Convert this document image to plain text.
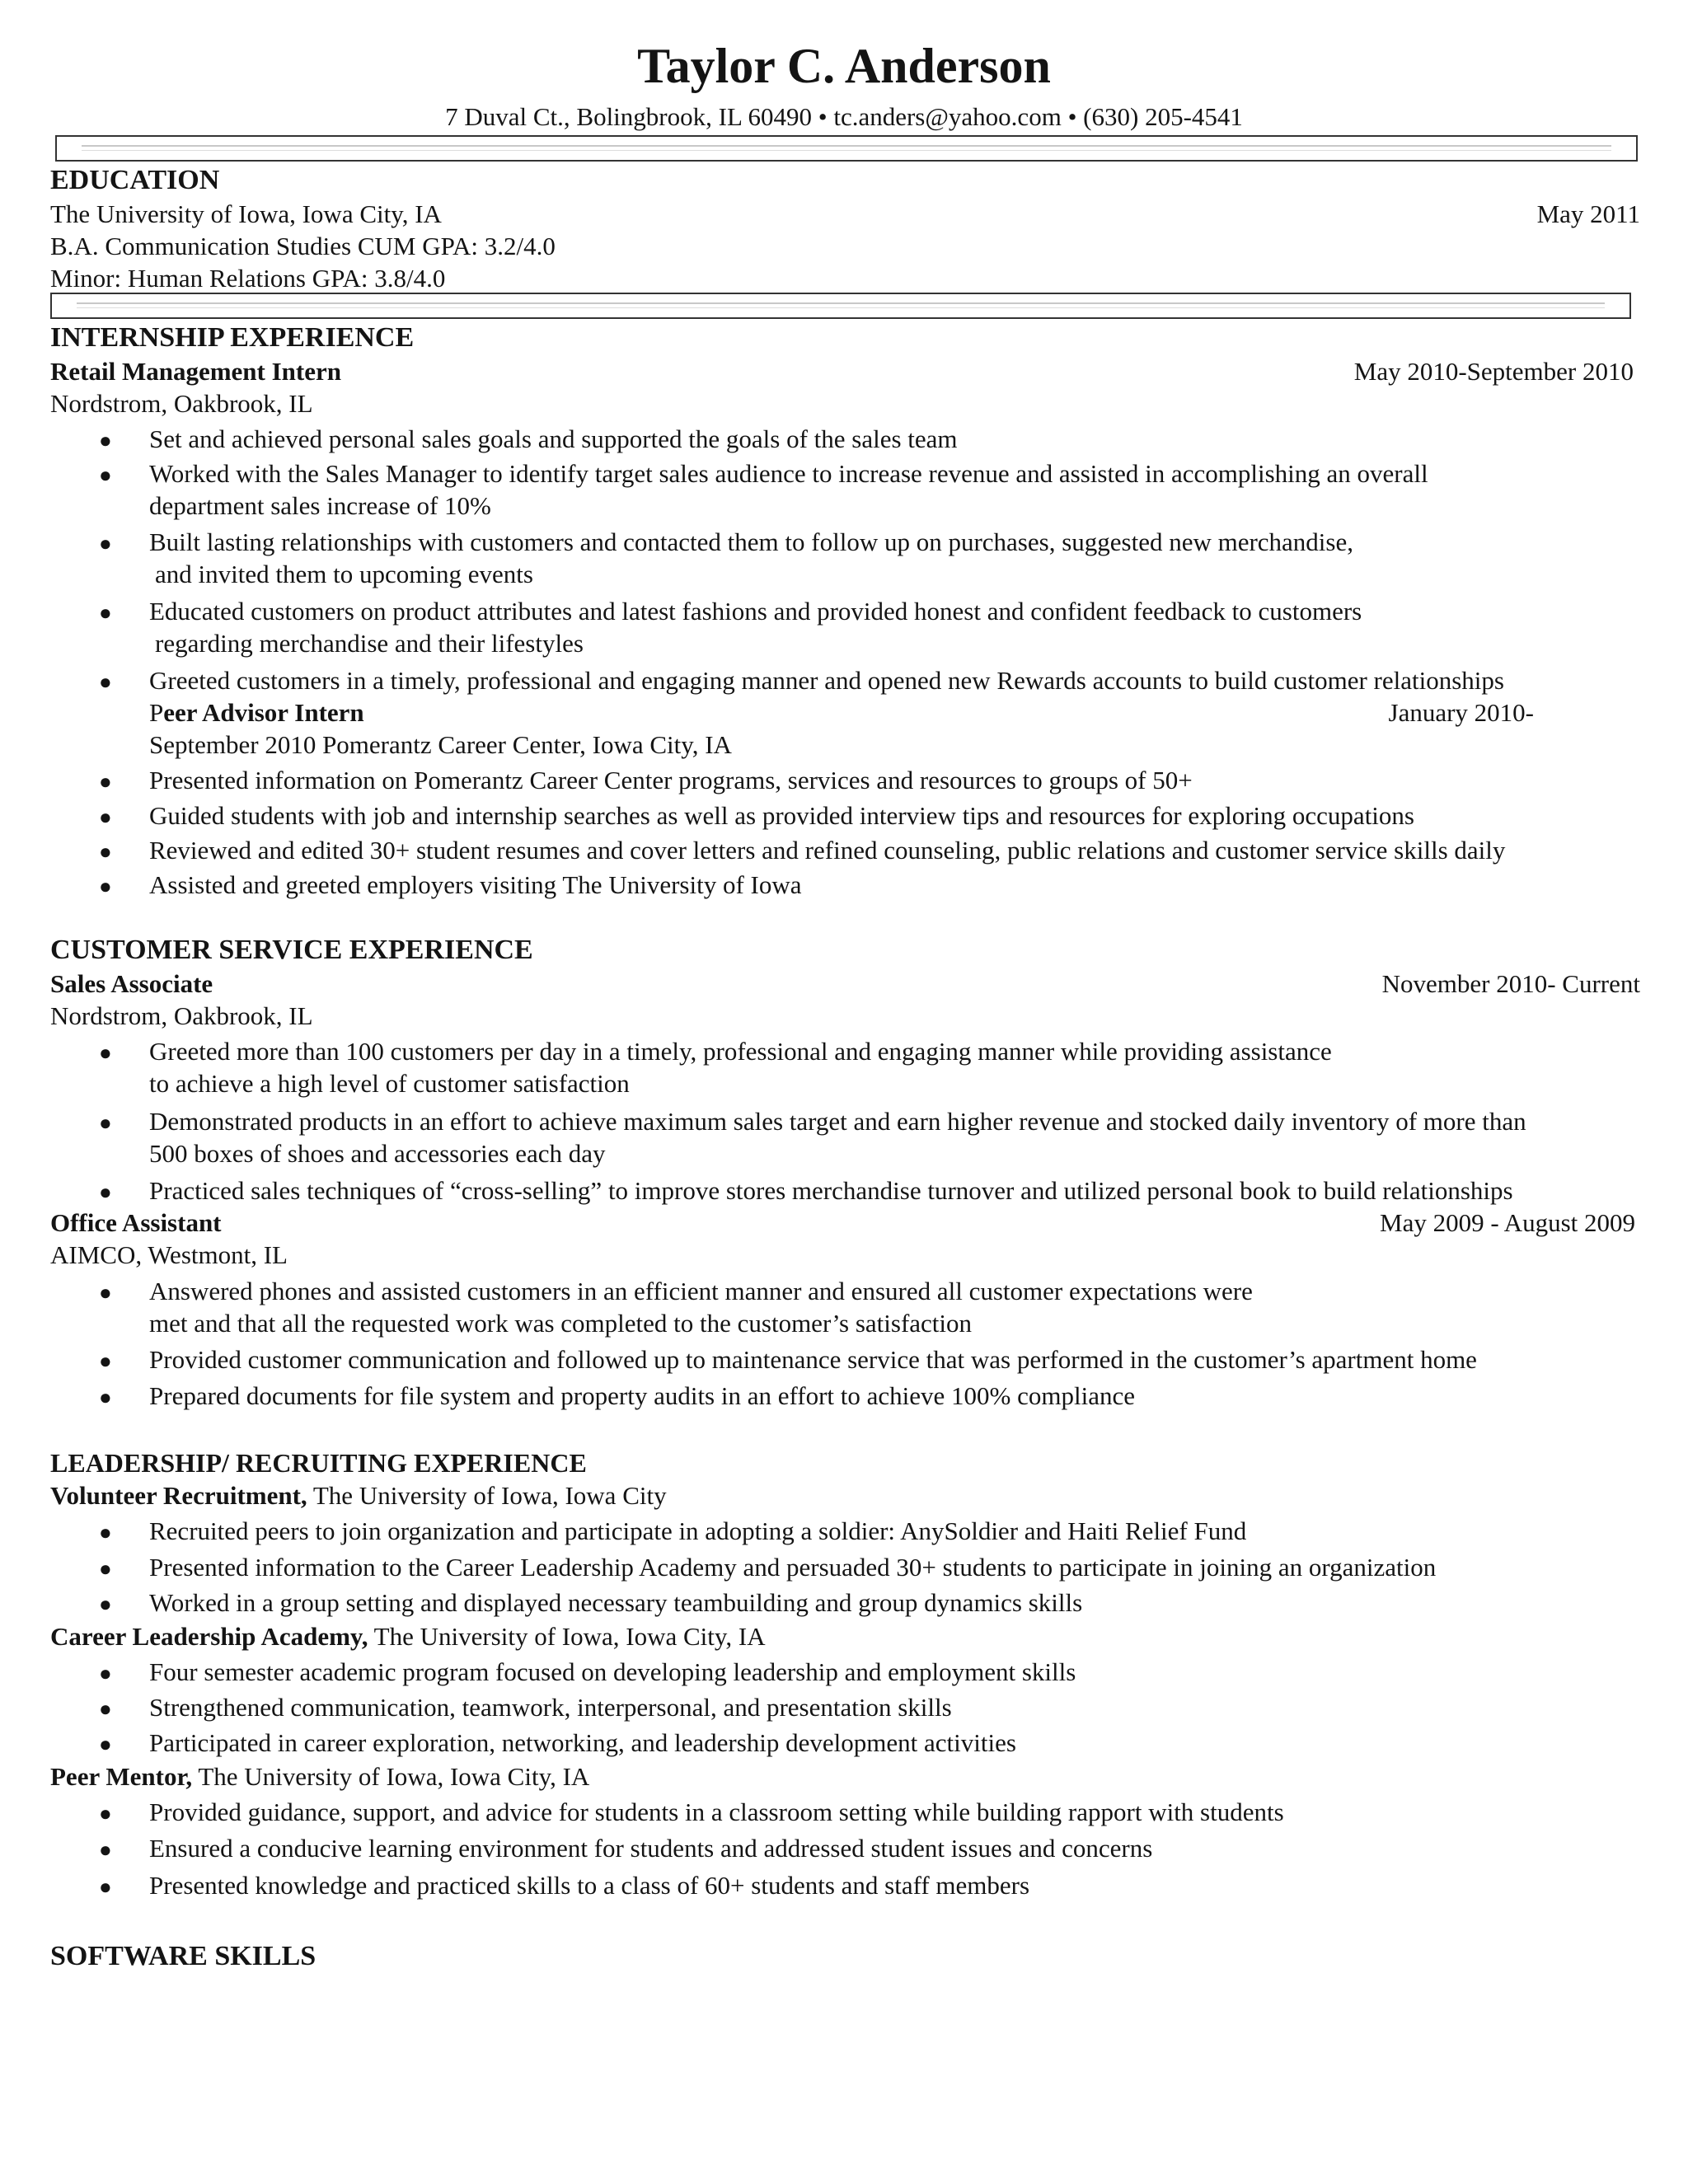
Taylor C. Anderson
7 Duval Ct., Bolingbrook, IL 60490 • tc.anders@yahoo.com • (630) 205-4541
EDUCATION
The University of Iowa, Iowa City, IA	May 2011
B.A. Communication Studies CUM GPA: 3.2/4.0
Minor: Human Relations GPA: 3.8/4.0
INTERNSHIP EXPERIENCE
Retail Management Intern	May 2010-September 2010
Nordstrom, Oakbrook, IL
● Set and achieved personal sales goals and supported the goals of the sales team
● Worked with the Sales Manager to identify target sales audience to increase revenue and assisted in accomplishing an overall
department sales increase of 10%
● Built lasting relationships with customers and contacted them to follow up on purchases, suggested new merchandise,
and invited them to upcoming events
● Educated customers on product attributes and latest fashions and provided honest and confident feedback to customers
regarding merchandise and their lifestyles
● Greeted customers in a timely, professional and engaging manner and opened new Rewards accounts to build customer relationships
Peer Advisor Intern	January 2010-
September 2010 Pomerantz Career Center, Iowa City, IA
● Presented information on Pomerantz Career Center programs, services and resources to groups of 50+
● Guided students with job and internship searches as well as provided interview tips and resources for exploring occupations
● Reviewed and edited 30+ student resumes and cover letters and refined counseling, public relations and customer service skills daily
● Assisted and greeted employers visiting The University of Iowa
CUSTOMER SERVICE EXPERIENCE
Sales Associate	November 2010- Current
Nordstrom, Oakbrook, IL
● Greeted more than 100 customers per day in a timely, professional and engaging manner while providing assistance
to achieve a high level of customer satisfaction
● Demonstrated products in an effort to achieve maximum sales target and earn higher revenue and stocked daily inventory of more than
500 boxes of shoes and accessories each day
● Practiced sales techniques of “cross-selling” to improve stores merchandise turnover and utilized personal book to build relationships
Office Assistant	May 2009 - August 2009
AIMCO, Westmont, IL
● Answered phones and assisted customers in an efficient manner and ensured all customer expectations were
met and that all the requested work was completed to the customer’s satisfaction
● Provided customer communication and followed up to maintenance service that was performed in the customer’s apartment home
● Prepared documents for file system and property audits in an effort to achieve 100% compliance
LEADERSHIP/ RECRUITING EXPERIENCE
Volunteer Recruitment, The University of Iowa, Iowa City
● Recruited peers to join organization and participate in adopting a soldier: AnySoldier and Haiti Relief Fund
● Presented information to the Career Leadership Academy and persuaded 30+ students to participate in joining an organization
● Worked in a group setting and displayed necessary teambuilding and group dynamics skills
Career Leadership Academy, The University of Iowa, Iowa City, IA
● Four semester academic program focused on developing leadership and employment skills
● Strengthened communication, teamwork, interpersonal, and presentation skills
● Participated in career exploration, networking, and leadership development activities
Peer Mentor, The University of Iowa, Iowa City, IA
● Provided guidance, support, and advice for students in a classroom setting while building rapport with students
● Ensured a conducive learning environment for students and addressed student issues and concerns
● Presented knowledge and practiced skills to a class of 60+ students and staff members
SOFTWARE SKILLS
